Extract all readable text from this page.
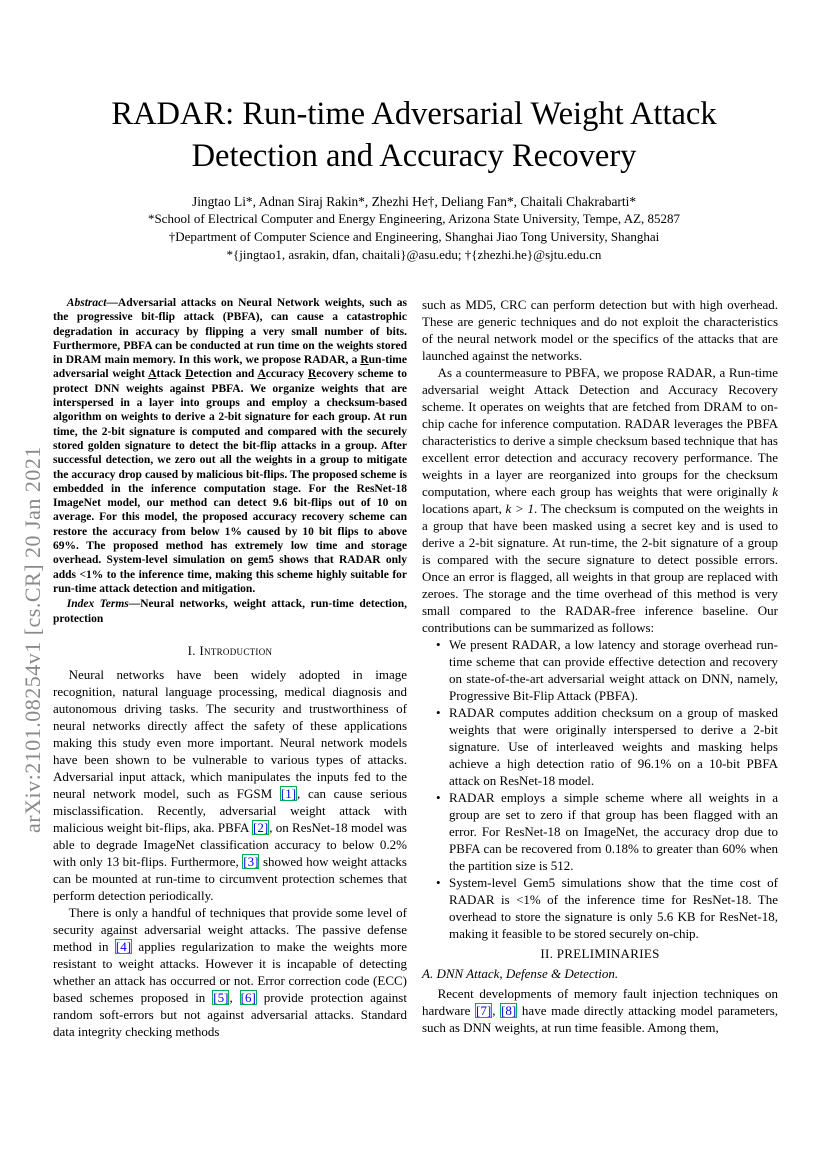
arXiv:2101.08254v1 [cs.CR] 20 Jan 2021
RADAR: Run-time Adversarial Weight Attack
Detection and Accuracy Recovery
Jingtao Li*, Adnan Siraj Rakin*, Zhezhi He†, Deliang Fan*, Chaitali Chakrabarti*
*School of Electrical Computer and Energy Engineering, Arizona State University, Tempe, AZ, 85287
†Department of Computer Science and Engineering, Shanghai Jiao Tong University, Shanghai
*{jingtao1, asrakin, dfan, chaitali}@asu.edu; †{zhezhi.he}@sjtu.edu.cn

Abstract—Adversarial attacks on Neural Network weights, such as the progressive bit-flip attack (PBFA), can cause a catastrophic degradation in accuracy by flipping a very small number of bits. Furthermore, PBFA can be conducted at run time on the weights stored in DRAM main memory. In this work, we propose RADAR, a Run-time adversarial weight Attack Detection and Accuracy Recovery scheme to protect DNN weights against PBFA. We organize weights that are interspersed in a layer into groups and employ a checksum-based algorithm on weights to derive a 2-bit signature for each group. At run time, the 2-bit signature is computed and compared with the securely stored golden signature to detect the bit-flip attacks in a group. After successful detection, we zero out all the weights in a group to mitigate the accuracy drop caused by malicious bit-flips. The proposed scheme is embedded in the inference computation stage. For the ResNet-18 ImageNet model, our method can detect 9.6 bit-flips out of 10 on average. For this model, the proposed accuracy recovery scheme can restore the accuracy from below 1% caused by 10 bit flips to above 69%. The proposed method has extremely low time and storage overhead. System-level simulation on gem5 shows that RADAR only adds <1% to the inference time, making this scheme highly suitable for run-time attack detection and mitigation.

Index Terms—Neural networks, weight attack, run-time detection, protection

I. Introduction

Neural networks have been widely adopted in image recognition, natural language processing, medical diagnosis and autonomous driving tasks. The security and trustworthiness of neural networks directly affect the safety of these applications making this study even more important. Neural network models have been shown to be vulnerable to various types of attacks. Adversarial input attack, which manipulates the inputs fed to the neural network model, such as FGSM [1], can cause serious misclassification. Recently, adversarial weight attack with malicious weight bit-flips, aka. PBFA [2], on ResNet-18 model was able to degrade ImageNet classification accuracy to below 0.2% with only 13 bit-flips. Furthermore, [3] showed how weight attacks can be mounted at run-time to circumvent protection schemes that perform detection periodically.

There is only a handful of techniques that provide some level of security against adversarial weight attacks. The passive defense method in [4] applies regularization to make the weights more resistant to weight attacks. However it is incapable of detecting whether an attack has occurred or not. Error correction code (ECC) based schemes proposed in [5], [6] provide protection against random soft-errors but not against adversarial attacks. Standard data integrity checking methods

such as MD5, CRC can perform detection but with high overhead. These are generic techniques and do not exploit the characteristics of the neural network model or the specifics of the attacks that are launched against the networks.

As a countermeasure to PBFA, we propose RADAR, a Run-time adversarial weight Attack Detection and Accuracy Recovery scheme. It operates on weights that are fetched from DRAM to on-chip cache for inference computation. RADAR leverages the PBFA characteristics to derive a simple checksum based technique that has excellent error detection and accuracy recovery performance. The weights in a layer are reorganized into groups for the checksum computation, where each group has weights that were originally k locations apart, k > 1. The checksum is computed on the weights in a group that have been masked using a secret key and is used to derive a 2-bit signature. At run-time, the 2-bit signature of a group is compared with the secure signature to detect possible errors. Once an error is flagged, all weights in that group are replaced with zeroes. The storage and the time overhead of this method is very small compared to the RADAR-free inference baseline. Our contributions can be summarized as follows:

• We present RADAR, a low latency and storage overhead run-time scheme that can provide effective detection and recovery on state-of-the-art adversarial weight attack on DNN, namely, Progressive Bit-Flip Attack (PBFA).
• RADAR computes addition checksum on a group of masked weights that were originally interspersed to derive a 2-bit signature. Use of interleaved weights and masking helps achieve a high detection ratio of 96.1% on a 10-bit PBFA attack on ResNet-18 model.
• RADAR employs a simple scheme where all weights in a group are set to zero if that group has been flagged with an error. For ResNet-18 on ImageNet, the accuracy drop due to PBFA can be recovered from 0.18% to greater than 60% when the partition size is 512.
• System-level Gem5 simulations show that the time cost of RADAR is <1% of the inference time for ResNet-18. The overhead to store the signature is only 5.6 KB for ResNet-18, making it feasible to be stored securely on-chip.
II. PRELIMINARIES
A. DNN Attack, Defense & Detection.

Recent developments of memory fault injection techniques on hardware [7], [8] have made directly attacking model parameters, such as DNN weights, at run time feasible. Among them,
